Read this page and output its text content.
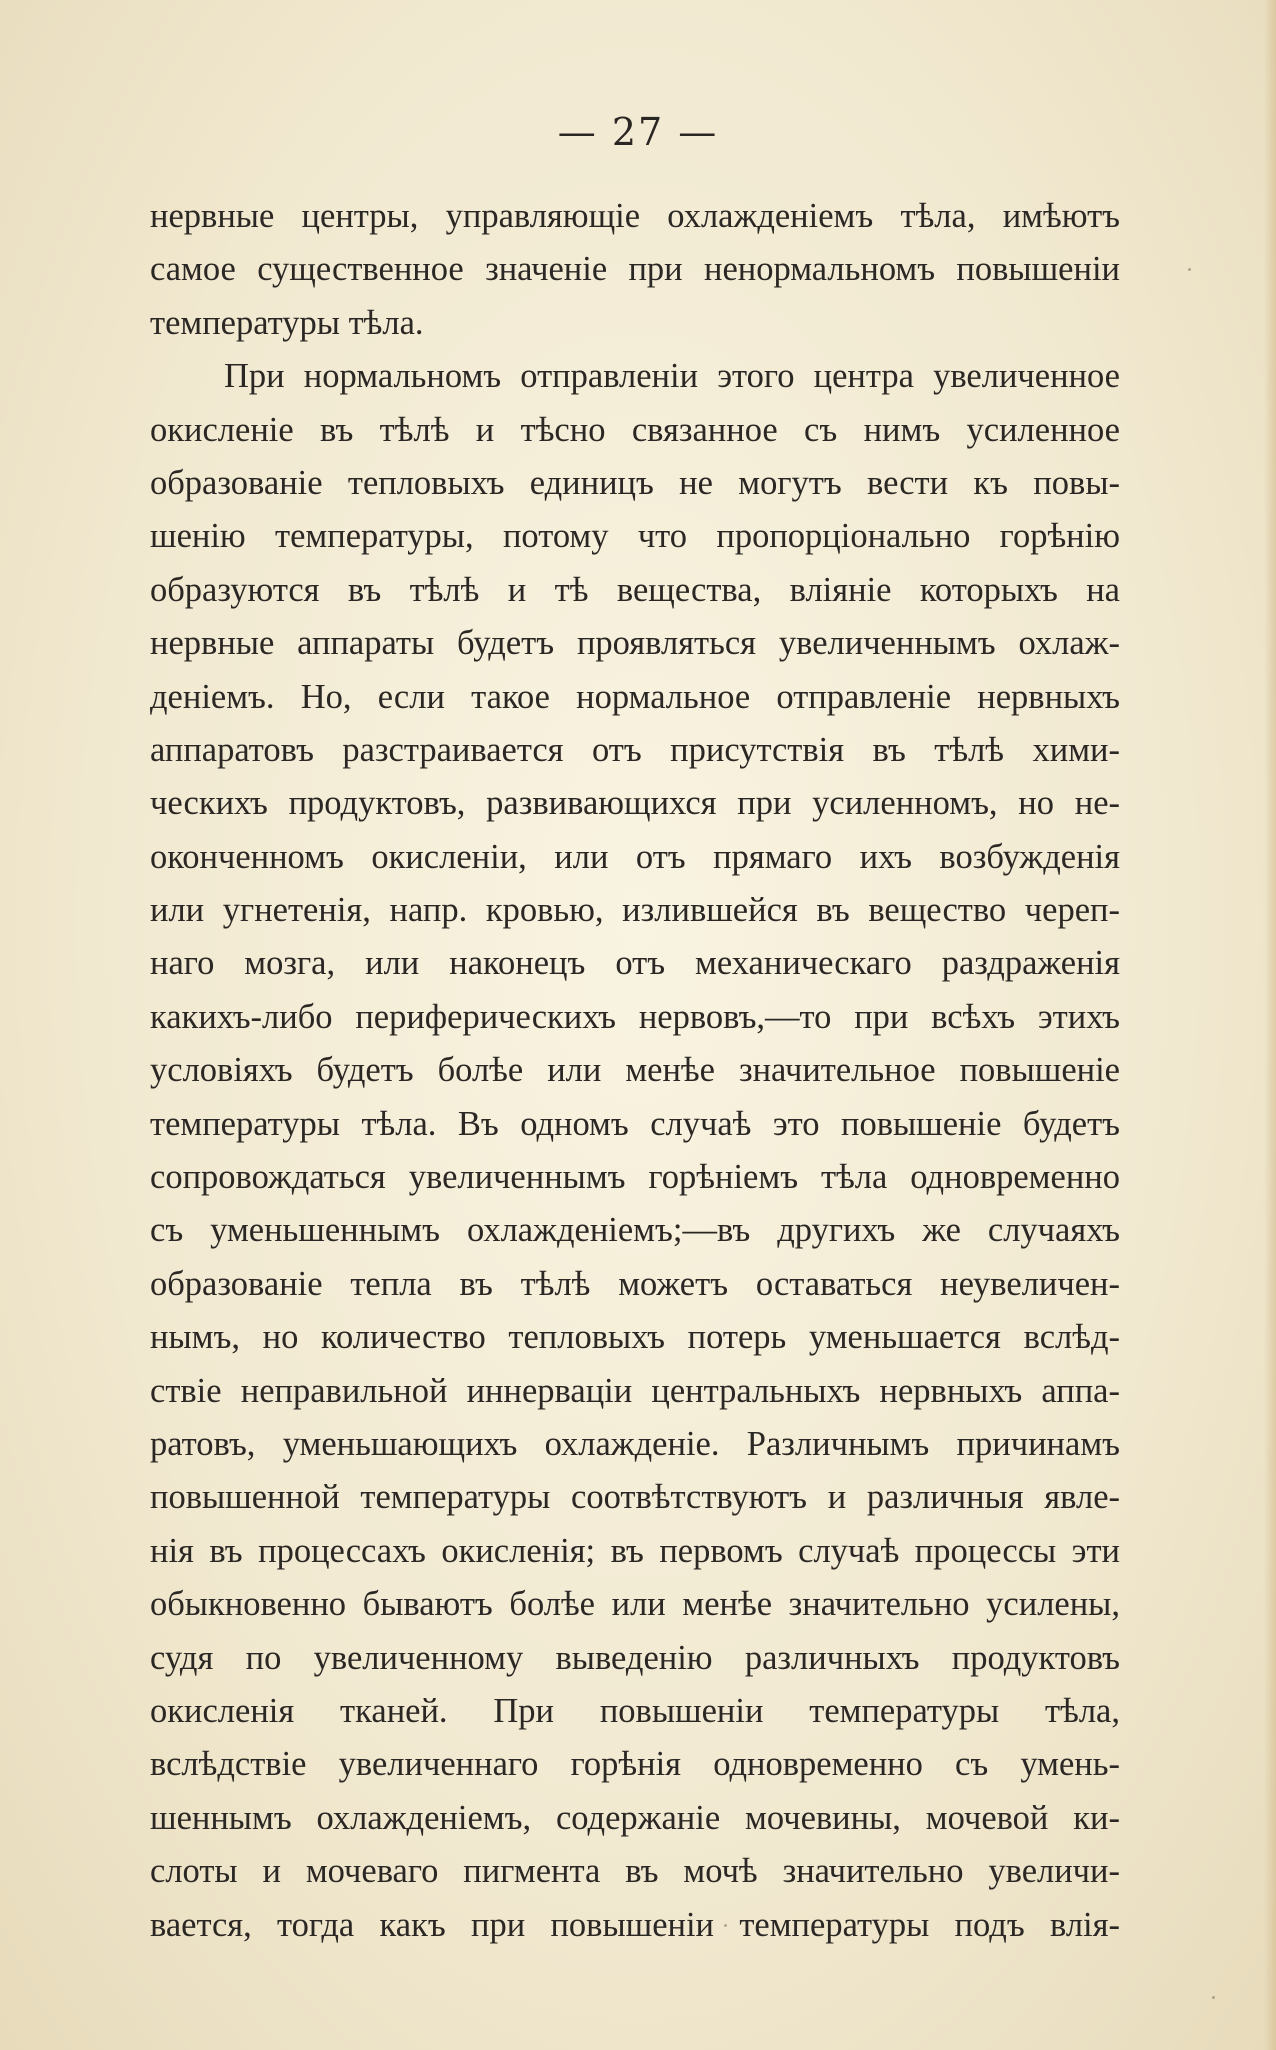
— 27 —
нервные центры, управляющіе охлажденіемъ тѣла, имѣютъ
самое существенное значеніе при ненормальномъ повышеніи
температуры тѣла.
При нормальномъ отправленіи этого центра увеличенное
окисленіе въ тѣлѣ и тѣсно связанное съ нимъ усиленное
образованіе тепловыхъ единицъ не могутъ вести къ повы-
шенію температуры, потому что пропорціонально горѣнію
образуются въ тѣлѣ и тѣ вещества, вліяніе которыхъ на
нервные аппараты будетъ проявляться увеличеннымъ охлаж-
деніемъ. Но, если такое нормальное отправленіе нервныхъ
аппаратовъ разстраивается отъ присутствія въ тѣлѣ хими-
ческихъ продуктовъ, развивающихся при усиленномъ, но не-
оконченномъ окисленіи, или отъ прямаго ихъ возбужденія
или угнетенія, напр. кровью, излившейся въ вещество череп-
наго мозга, или наконецъ отъ механическаго раздраженія
какихъ-либо периферическихъ нервовъ,—то при всѣхъ этихъ
условіяхъ будетъ болѣе или менѣе значительное повышеніе
температуры тѣла. Въ одномъ случаѣ это повышеніе будетъ
сопровождаться увеличеннымъ горѣніемъ тѣла одновременно
съ уменьшеннымъ охлажденіемъ;—въ другихъ же случаяхъ
образованіе тепла въ тѣлѣ можетъ оставаться неувеличен-
нымъ, но количество тепловыхъ потерь уменьшается вслѣд-
ствіе неправильной иннерваціи центральныхъ нервныхъ аппа-
ратовъ, уменьшающихъ охлажденіе. Различнымъ причинамъ
повышенной температуры соотвѣтствуютъ и различныя явле-
нія въ процессахъ окисленія; въ первомъ случаѣ процессы эти
обыкновенно бываютъ болѣе или менѣе значительно усилены,
судя по увеличенному выведенію различныхъ продуктовъ
окисленія тканей. При повышеніи температуры тѣла,
вслѣдствіе увеличеннаго горѣнія одновременно съ умень-
шеннымъ охлажденіемъ, содержаніе мочевины, мочевой ки-
слоты и мочеваго пигмента въ мочѣ значительно увеличи-
вается, тогда какъ при повышеніи температуры подъ влія-
